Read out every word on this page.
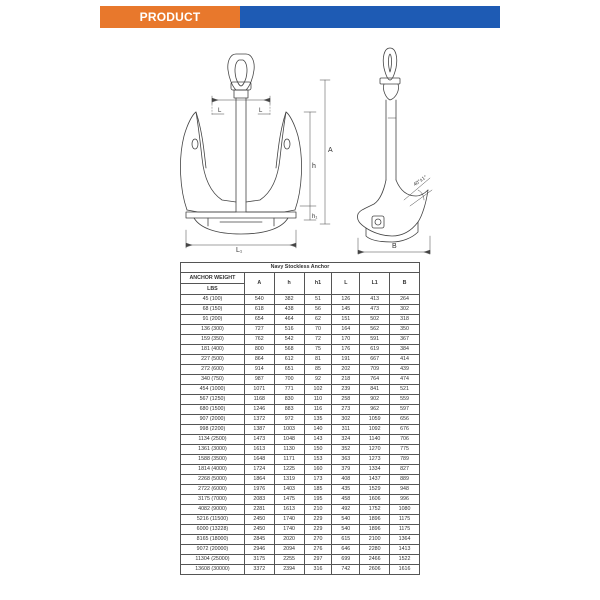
PRODUCT SPECIFICATION
L	L
h
A
h₁
L₁
40°±1°
B
Navy Stockless Anchor						
ANCHOR WEIGHT	A	h	h1	L	L1	B
LBS						
45 (100)	540	382	51	126	413	264
68 (150)	618	438	56	145	473	302
91 (200)	654	464	62	151	502	318
136 (300)	727	516	70	164	562	350
159 (350)	762	542	72	170	591	367
181 (400)	800	568	75	176	619	384
227 (500)	864	612	81	191	667	414
272 (600)	914	651	85	202	709	439
340 (750)	987	700	92	218	764	474
454 (1000)	1071	771	102	239	841	521
567 (1250)	1168	830	110	258	902	559
680 (1500)	1246	883	116	273	962	597
907 (2000)	1372	972	135	302	1059	656
998 (2200)	1387	1003	140	311	1092	676
1134 (2500)	1473	1048	143	324	1140	706
1361 (3000)	1613	1130	150	352	1270	775
1588 (3500)	1648	1171	153	363	1273	789
1814 (4000)	1724	1225	160	379	1334	827
2268 (5000)	1864	1319	173	408	1437	889
2722 (6000)	1976	1403	185	435	1529	948
3175 (7000)	2083	1475	195	458	1606	996
4082 (9000)	2281	1613	210	492	1752	1080
5216 (11500)	2450	1740	229	540	1896	1175
6000 (13228)	2450	1740	229	540	1896	1175
8165 (18000)	2845	2020	270	615	2100	1364
9072 (20000)	2946	2094	276	646	2280	1413
11304 (25000)	3175	2255	297	699	2466	1522
13608 (30000)	3372	2394	316	742	2606	1616
